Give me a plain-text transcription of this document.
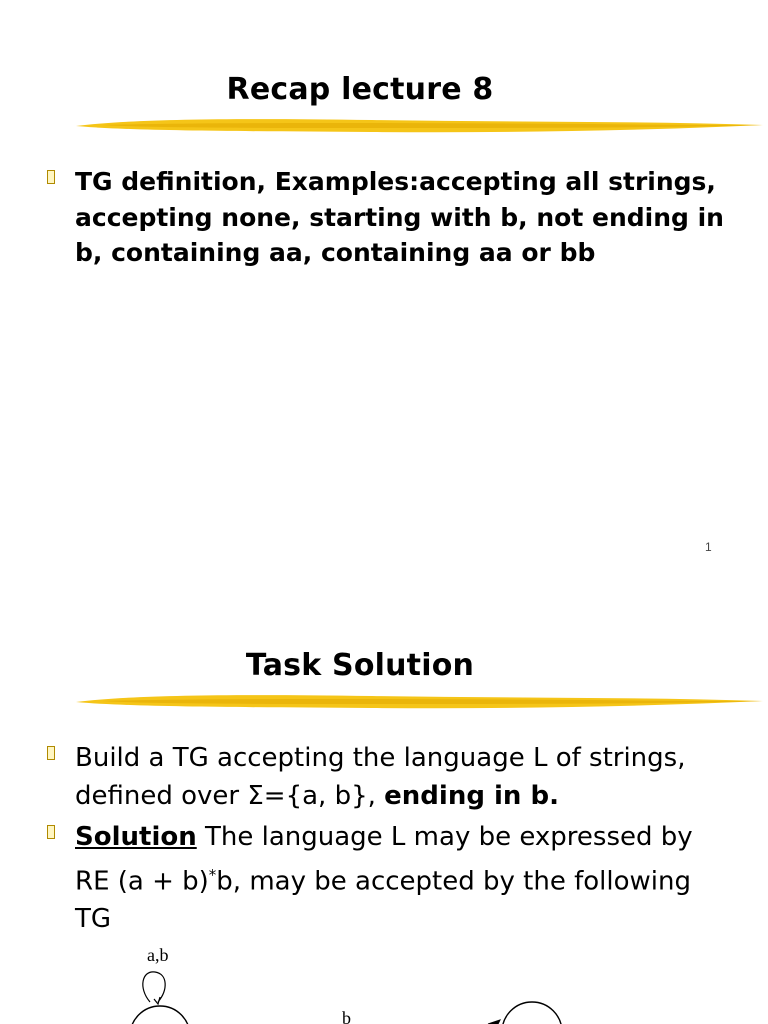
Recap lecture 8
TG definition, Examples:accepting all strings, accepting none, starting with b, not ending in b, containing aa, containing aa or bb
1
Task Solution
Build a TG accepting the language L of strings, defined over Σ={a, b}, ending in b.
Solution The language L may be expressed by RE (a + b)*b, may be accepted by the following TG
a,b
b
